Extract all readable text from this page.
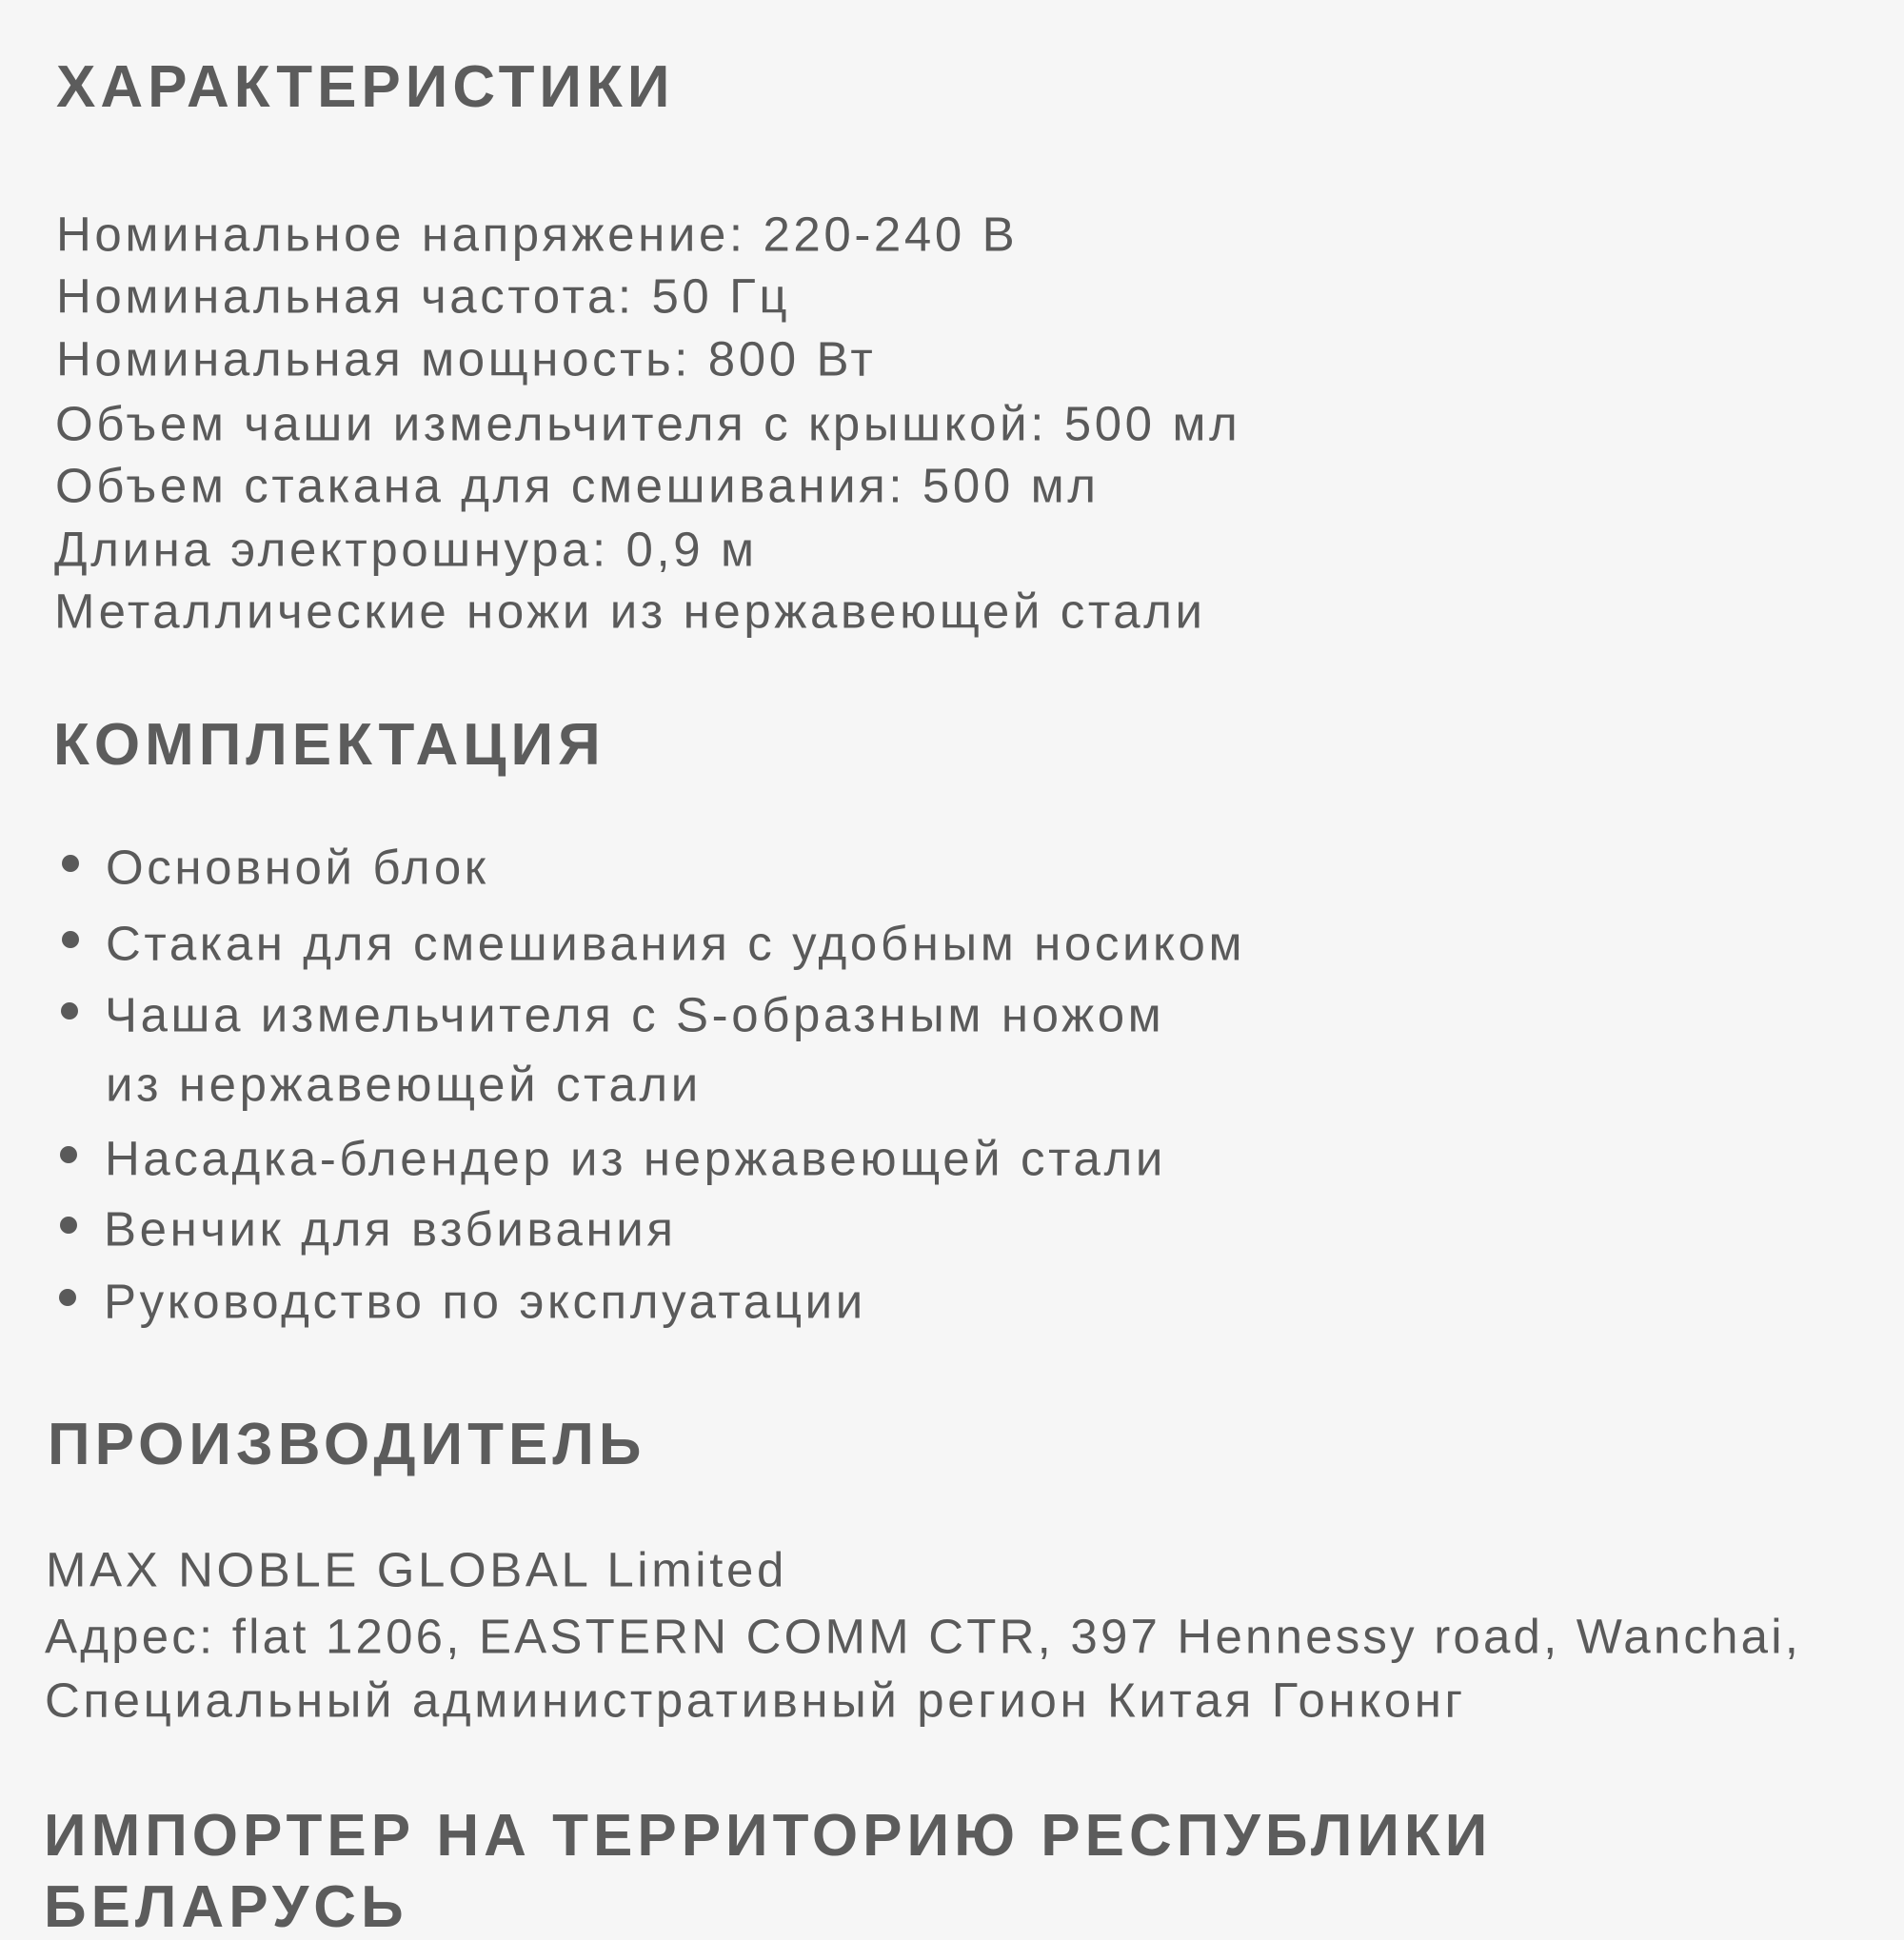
ХАРАКТЕРИСТИКИ
Номинальное напряжение: 220-240 В
Номинальная частота: 50 Гц
Номинальная мощность: 800 Вт
Объем чаши измельчителя с крышкой: 500 мл
Объем стакана для смешивания: 500 мл
Длина электрошнура: 0,9 м
Металлические ножи из нержавеющей стали
КОМПЛЕКТАЦИЯ
Основной блок
Стакан для смешивания с удобным носиком
Чаша измельчителя с S-образным ножом
из нержавеющей стали
Насадка-блендер из нержавеющей стали
Венчик для взбивания
Руководство по эксплуатации
ПРОИЗВОДИТЕЛЬ
MAX NOBLE GLOBAL Limited
Адрес: flat 1206, EASTERN COMM CTR, 397 Hennessy road, Wanchai,
Специальный административный регион Китая Гонконг
ИМПОРТЕР НА ТЕРРИТОРИЮ РЕСПУБЛИКИ
БЕЛАРУСЬ
